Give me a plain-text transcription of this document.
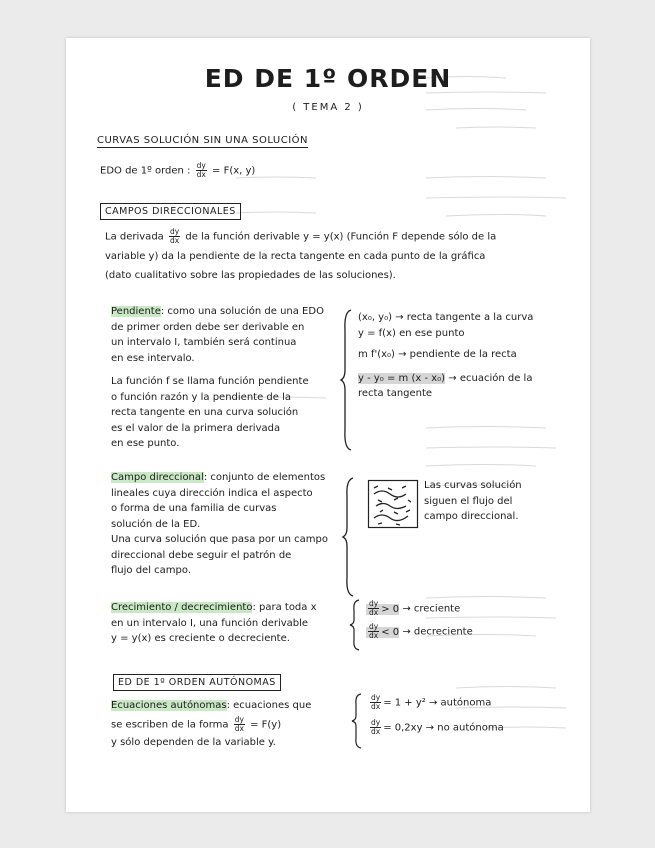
ED DE 1º ORDEN
( TEMA 2 )
CURVAS SOLUCIÓN SIN UNA SOLUCIÓN
EDO de 1º orden : $\frac{dy}{dx} = F(x$, y)
CAMPOS DIRECCIONALES
La derivada $\frac{dy}{dx}$ de la función derivable y = y(x) (Función F depende sólo de la
variable y) da la pendiente de la recta tangente en cada punto de la gráfica
(dato cualitativo sobre las propiedades de las soluciones).
Pendiente: como una solución de una EDO
de primer orden debe ser derivable en
un intervalo I, también será continua
en ese intervalo.
La función f se llama función pendiente
o función razón y la pendiente de la
recta tangente en una curva solución
es el valor de la primera derivada
en ese punto.
(x₀, y₀) → recta tangente a la curva
y = f(x) en ese punto
m f'(x₀) → pendiente de la recta
y - y₀ = m (x - x₀) → ecuación de la
recta tangente
Campo direccional: conjunto de elementos
lineales cuya dirección indica el aspecto
o forma de una familia de curvas
solución de la ED.
Una curva solución que pasa por un campo
direccional debe seguir el patrón de
flujo del campo.
Las curvas solución
siguen el flujo del
campo direccional.
Crecimiento / decrecimiento: para toda x
en un intervalo I, una función derivable
y = y(x) es creciente o decreciente.
$\frac{dy}{dx} > 0$ → creciente
$\frac{dy}{dx} < 0$ → decreciente
ED DE 1º ORDEN AUTÓNOMAS
Ecuaciones autónomas: ecuaciones que
se escriben de la forma $\frac{dy}{dx} = F(y)$
y sólo dependen de la variable y.
$\frac{dy}{dx} = 1 + y^2$ → autónoma
$\frac{dy}{dx} = 0,2xy$ → no autónoma
